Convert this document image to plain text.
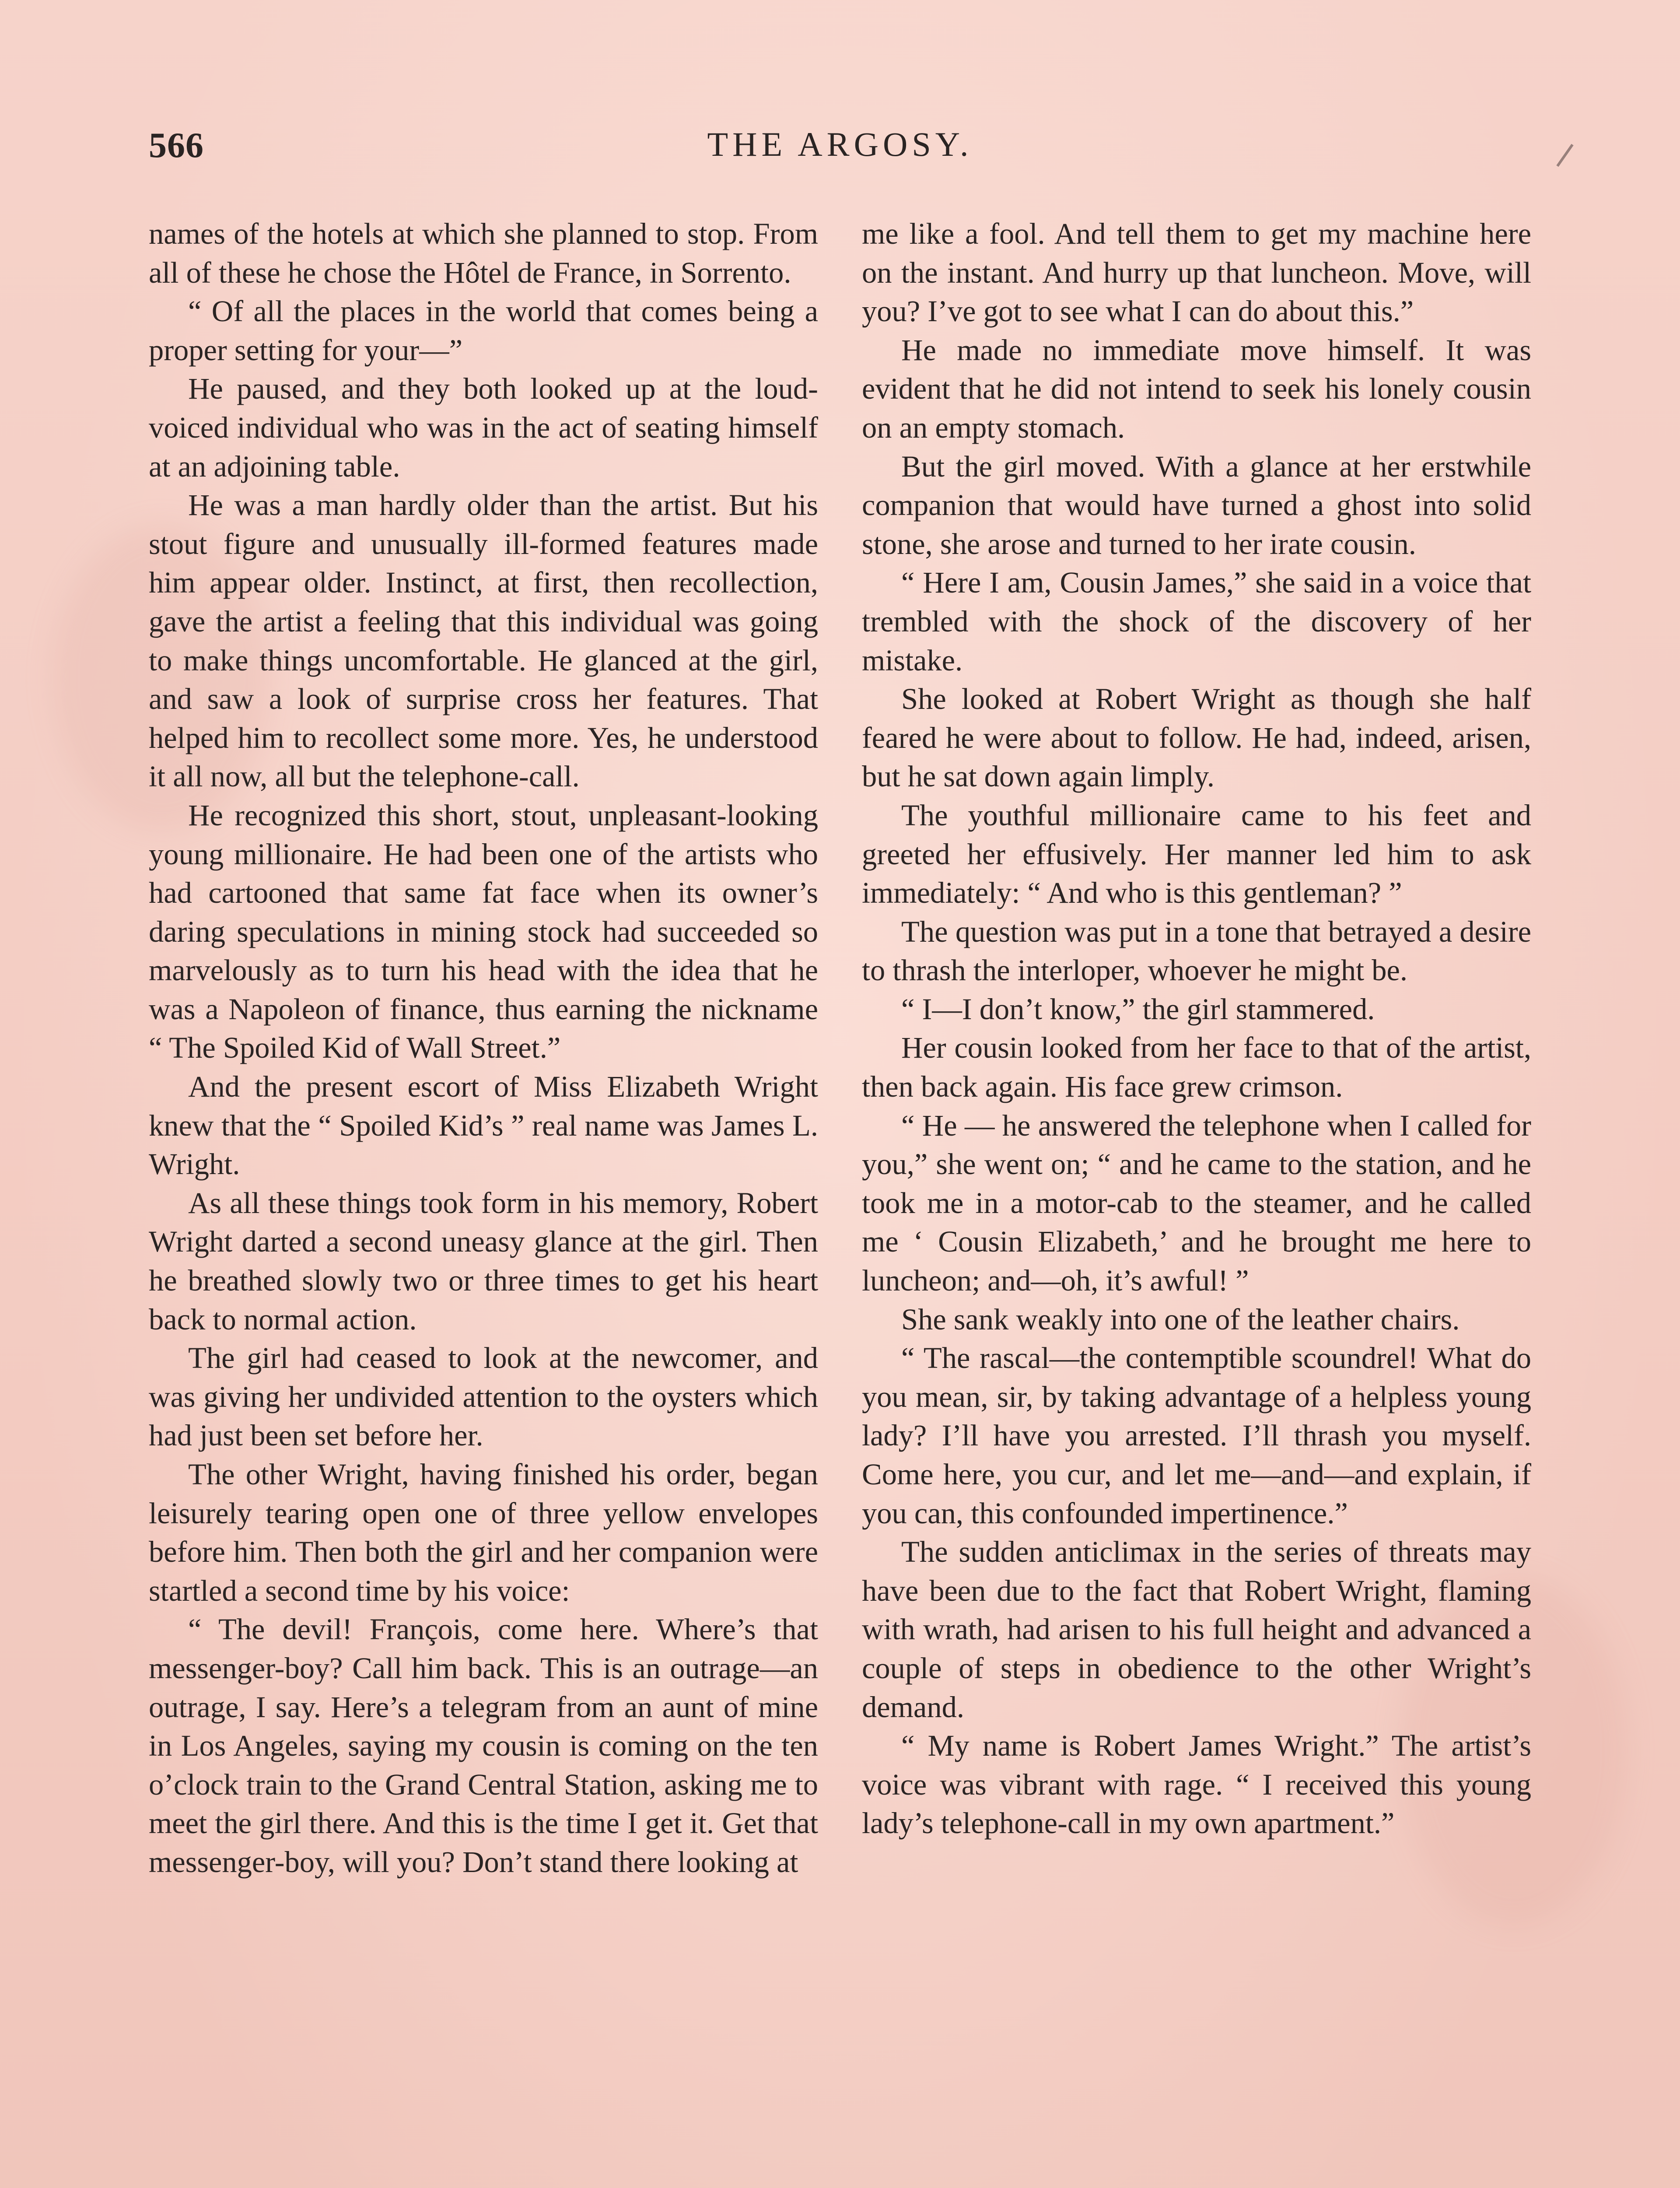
566	THE ARGOSY.

names of the hotels at which she planned to stop. From all of these he chose the Hôtel de France, in Sorrento.

“ Of all the places in the world that comes being a proper setting for your—”

He paused, and they both looked up at the loud-voiced individual who was in the act of seating himself at an adjoining table.

He was a man hardly older than the artist. But his stout figure and unusually ill-formed features made him appear older. Instinct, at first, then recollection, gave the artist a feeling that this individual was going to make things uncomfortable. He glanced at the girl, and saw a look of surprise cross her features. That helped him to recollect some more. Yes, he understood it all now, all but the telephone-call.

He recognized this short, stout, unpleasant-looking young millionaire. He had been one of the artists who had cartooned that same fat face when its owner’s daring speculations in mining stock had succeeded so marvelously as to turn his head with the idea that he was a Napoleon of finance, thus earning the nickname “ The Spoiled Kid of Wall Street.”

And the present escort of Miss Elizabeth Wright knew that the “ Spoiled Kid’s ” real name was James L. Wright.

As all these things took form in his memory, Robert Wright darted a second uneasy glance at the girl. Then he breathed slowly two or three times to get his heart back to normal action.

The girl had ceased to look at the newcomer, and was giving her undivided attention to the oysters which had just been set before her.

The other Wright, having finished his order, began leisurely tearing open one of three yellow envelopes before him. Then both the girl and her companion were startled a second time by his voice:

“ The devil! François, come here. Where’s that messenger-boy? Call him back. This is an outrage—an outrage, I say. Here’s a telegram from an aunt of mine in Los Angeles, saying my cousin is coming on the ten o’clock train to the Grand Central Station, asking me to meet the girl there. And this is the time I get it. Get that messenger-boy, will you? Don’t stand there looking at

me like a fool. And tell them to get my machine here on the instant. And hurry up that luncheon. Move, will you? I’ve got to see what I can do about this.”

He made no immediate move himself. It was evident that he did not intend to seek his lonely cousin on an empty stomach.

But the girl moved. With a glance at her erstwhile companion that would have turned a ghost into solid stone, she arose and turned to her irate cousin.

“ Here I am, Cousin James,” she said in a voice that trembled with the shock of the discovery of her mistake.

She looked at Robert Wright as though she half feared he were about to follow. He had, indeed, arisen, but he sat down again limply.

The youthful millionaire came to his feet and greeted her effusively. Her manner led him to ask immediately: “ And who is this gentleman? ”

The question was put in a tone that betrayed a desire to thrash the interloper, whoever he might be.

“ I—I don’t know,” the girl stammered.

Her cousin looked from her face to that of the artist, then back again. His face grew crimson.

“ He — he answered the telephone when I called for you,” she went on; “ and he came to the station, and he took me in a motor-cab to the steamer, and he called me ‘ Cousin Elizabeth,’ and he brought me here to luncheon; and—oh, it’s awful! ”

She sank weakly into one of the leather chairs.

“ The rascal—the contemptible scoundrel! What do you mean, sir, by taking advantage of a helpless young lady? I’ll have you arrested. I’ll thrash you myself. Come here, you cur, and let me—and—and explain, if you can, this confounded impertinence.”

The sudden anticlimax in the series of threats may have been due to the fact that Robert Wright, flaming with wrath, had arisen to his full height and advanced a couple of steps in obedience to the other Wright’s demand.

“ My name is Robert James Wright.” The artist’s voice was vibrant with rage. “ I received this young lady’s telephone-call in my own apartment.”
